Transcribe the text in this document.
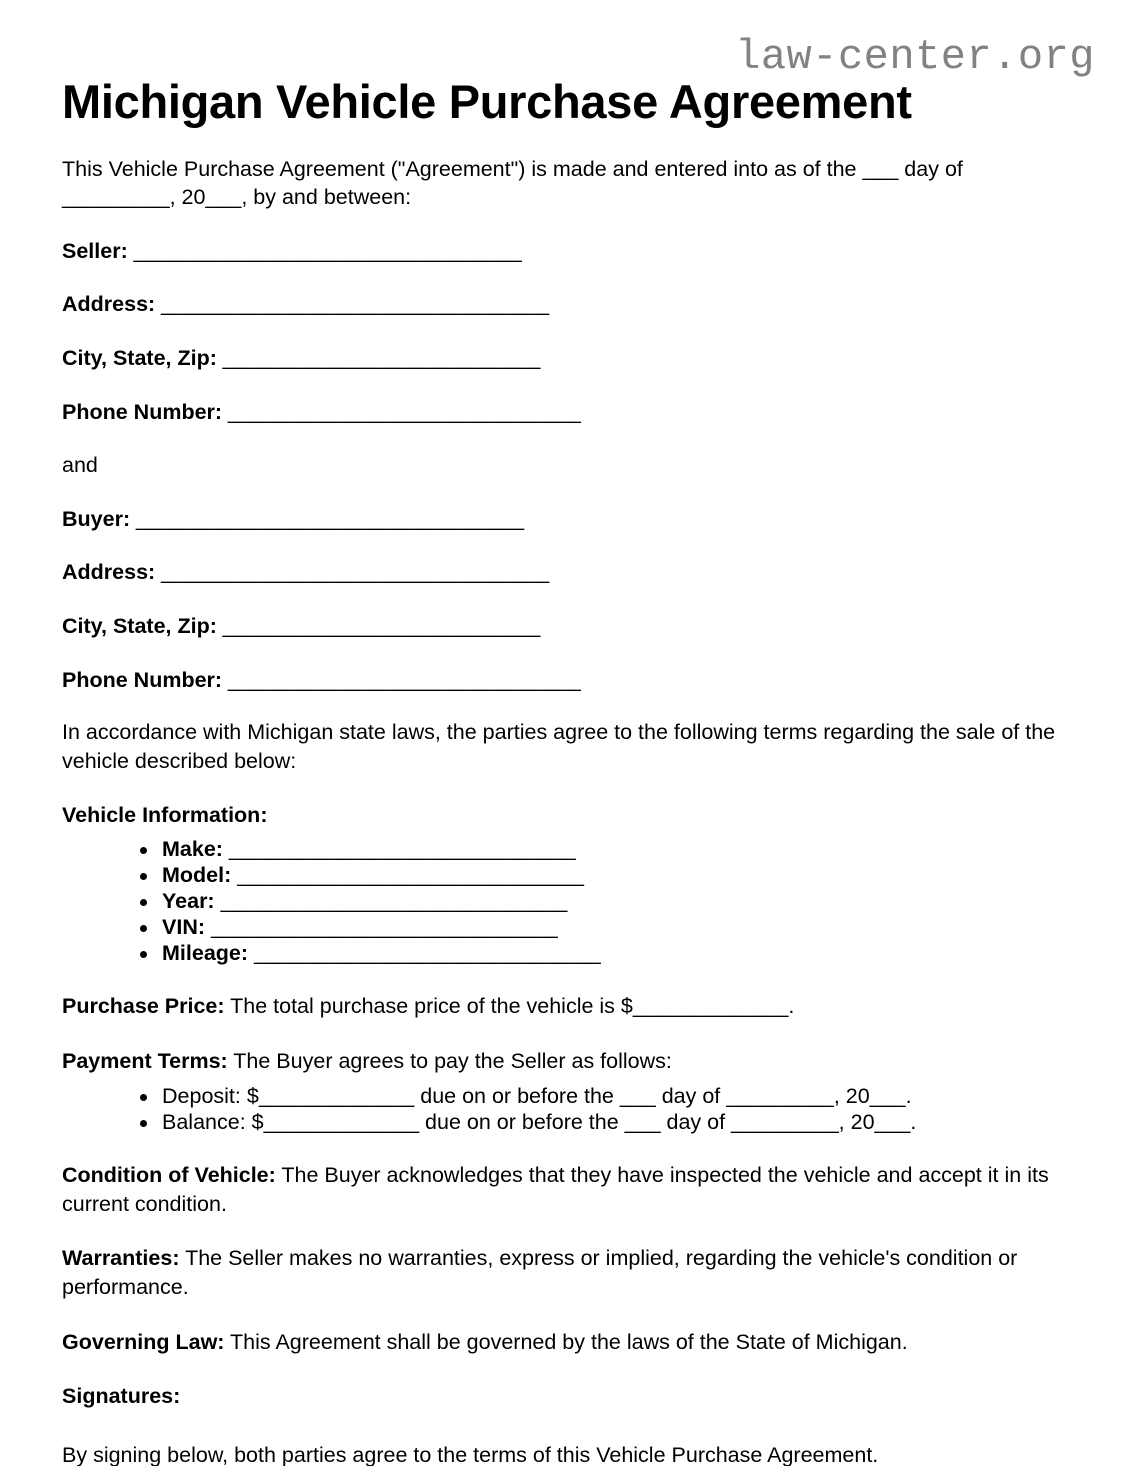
law-center.org
Michigan Vehicle Purchase Agreement

This Vehicle Purchase Agreement ("Agreement") is made and entered into as of the ___ day of _________, 20___, by and between:

Seller: _________________________________

Address: _________________________________

City, State, Zip: ___________________________

Phone Number: ______________________________

and

Buyer: _________________________________

Address: _________________________________

City, State, Zip: ___________________________

Phone Number: ______________________________

In accordance with Michigan state laws, the parties agree to the following terms regarding the sale of the vehicle described below:

Vehicle Information:

Make: _____________________________
Model: _____________________________
Year: _____________________________
VIN: _____________________________
Mileage: _____________________________

Purchase Price: The total purchase price of the vehicle is $_____________.

Payment Terms: The Buyer agrees to pay the Seller as follows:

Deposit: $_____________ due on or before the ___ day of _________, 20___.
Balance: $_____________ due on or before the ___ day of _________, 20___.

Condition of Vehicle: The Buyer acknowledges that they have inspected the vehicle and accept it in its current condition.

Warranties: The Seller makes no warranties, express or implied, regarding the vehicle's condition or performance.

Governing Law: This Agreement shall be governed by the laws of the State of Michigan.

Signatures:

By signing below, both parties agree to the terms of this Vehicle Purchase Agreement.
